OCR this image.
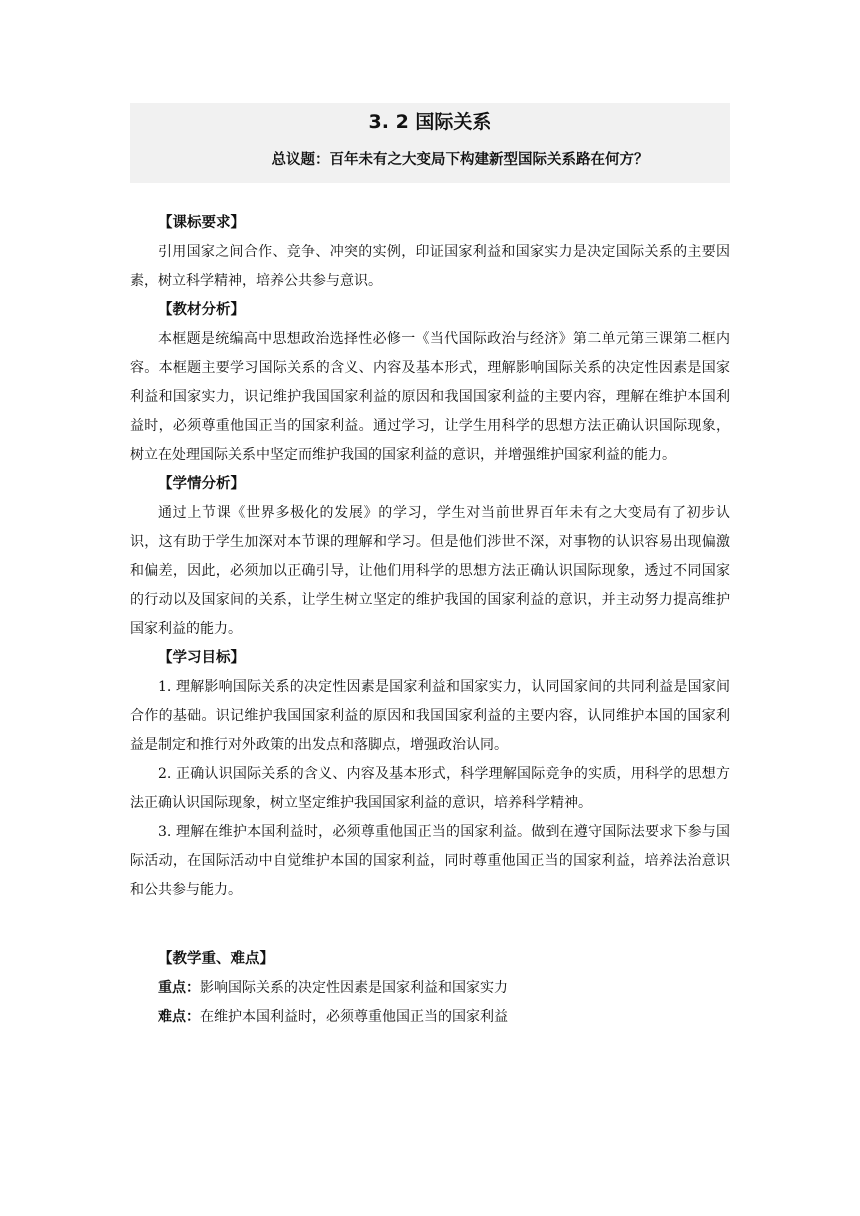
3. 2 国际关系
总议题：百年未有之大变局下构建新型国际关系路在何方？
【课标要求】
引用国家之间合作、竞争、冲突的实例，印证国家利益和国家实力是决定国际关系的主要因素，树立科学精神，培养公共参与意识。
【教材分析】
本框题是统编高中思想政治选择性必修一《当代国际政治与经济》第二单元第三课第二框内容。本框题主要学习国际关系的含义、内容及基本形式，理解影响国际关系的决定性因素是国家利益和国家实力，识记维护我国国家利益的原因和我国国家利益的主要内容，理解在维护本国利益时，必须尊重他国正当的国家利益。通过学习，让学生用科学的思想方法正确认识国际现象，树立在处理国际关系中坚定而维护我国的国家利益的意识，并增强维护国家利益的能力。
【学情分析】
通过上节课《世界多极化的发展》的学习，学生对当前世界百年未有之大变局有了初步认识，这有助于学生加深对本节课的理解和学习。但是他们涉世不深，对事物的认识容易出现偏激和偏差，因此，必须加以正确引导，让他们用科学的思想方法正确认识国际现象，透过不同国家的行动以及国家间的关系，让学生树立坚定的维护我国的国家利益的意识，并主动努力提高维护国家利益的能力。
【学习目标】
1. 理解影响国际关系的决定性因素是国家利益和国家实力，认同国家间的共同利益是国家间合作的基础。识记维护我国国家利益的原因和我国国家利益的主要内容，认同维护本国的国家利益是制定和推行对外政策的出发点和落脚点，增强政治认同。
2. 正确认识国际关系的含义、内容及基本形式，科学理解国际竞争的实质，用科学的思想方法正确认识国际现象，树立坚定维护我国国家利益的意识，培养科学精神。
3. 理解在维护本国利益时，必须尊重他国正当的国家利益。做到在遵守国际法要求下参与国际活动，在国际活动中自觉维护本国的国家利益，同时尊重他国正当的国家利益，培养法治意识和公共参与能力。
【教学重、难点】
重点：影响国际关系的决定性因素是国家利益和国家实力
难点：在维护本国利益时，必须尊重他国正当的国家利益
